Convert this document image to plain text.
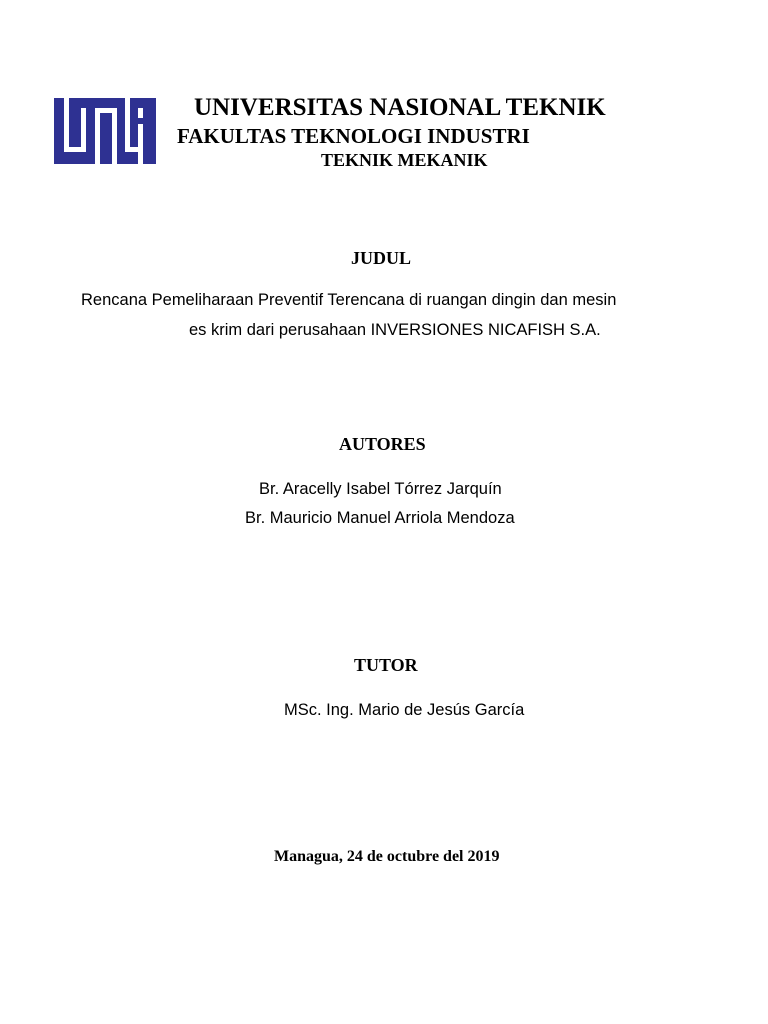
UNIVERSITAS NASIONAL TEKNIK
FAKULTAS TEKNOLOGI INDUSTRI
TEKNIK MEKANIK
JUDUL
Rencana Pemeliharaan Preventif Terencana di ruangan dingin dan mesin
es krim dari perusahaan INVERSIONES NICAFISH S.A.
AUTORES
Br. Aracelly Isabel Tórrez Jarquín
Br. Mauricio Manuel Arriola Mendoza
TUTOR
MSc. Ing. Mario de Jesús García
Managua, 24 de octubre del 2019
